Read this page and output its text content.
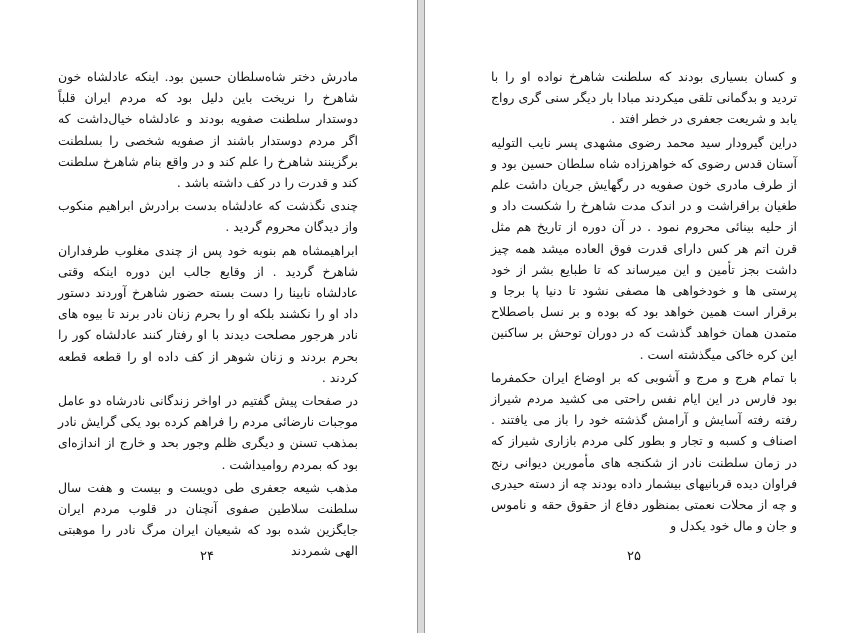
مادرش دختر شاه‌سلطان حسین بود. اینکه عادلشاه خون شاهرخ را نریخت باین دلیل بود که مردم ایران قلباً دوستدار سلطنت صفویه بودند و عادلشاه خیال‌داشت که اگر مردم دوستدار باشند از صفویه شخصی را بسلطنت برگزینند شاهرخ را علم کند و در واقع بنام شاهرخ سلطنت کند و قدرت را در کف داشته باشد .

چندی نگذشت که عادلشاه بدست برادرش ابراهیم منکوب واز دیدگان محروم گردید .

ابراهیمشاه هم بنوبه خود پس از چندی مغلوب طرفداران شاهرخ گردید . از وقایع جالب این دوره اینکه وقتی عادلشاه نابینا را دست بسته حضور شاهرخ آوردند دستور داد او را نکشند بلکه او را بحرم زنان نادر برند تا بیوه های نادر هرجور مصلحت دیدند با او رفتار کنند عادلشاه کور را بحرم بردند و زنان شوهر از کف داده او را قطعه قطعه کردند .

در صفحات پیش گفتیم در اواخر زندگانی نادرشاه دو عامل موجبات نارضائی مردم را فراهم کرده بود یکی گرایش نادر بمذهب تسنن و دیگری ظلم وجور بحد و خارج از اندازه‌ای بود که بمردم روامیداشت .

مذهب شیعه جعفری طی دویست و بیست و هفت سال سلطنت سلاطین صفوی آنچنان در قلوب مردم ایران جایگزین شده بود که شیعیان ایران مرگ نادر را موهبتی الهی شمردند

۲۴

و کسان بسیاری بودند که سلطنت شاهرخ نواده او را با تردید و بدگمانی تلقی میکردند مبادا بار دیگر سنی گری رواج یابد و شریعت جعفری در خطر افتد .

دراین گیرودار سید محمد رضوی مشهدی پسر نایب التولیه آستان قدس رضوی که خواهرزاده شاه سلطان حسین بود و از طرف مادری خون صفویه در رگهایش جریان داشت علم طغیان برافراشت و در اندک مدت شاهرخ را شکست داد و از حلیه بینائی محروم نمود . در آن دوره از تاریخ هم مثل قرن اتم هر کس دارای قدرت فوق العاده میشد همه چیز داشت بجز تأمین و این میرساند که تا طبایع بشر از خود پرستی ها و خودخواهی ها مصفی نشود تا دنیا پا برجا و برقرار است همین خواهد بود که بوده و بر نسل باصطلاح متمدن همان خواهد گذشت که در دوران توحش بر ساکنین این کره خاکی میگذشته است .

با تمام هرج و مرج و آشوبی که بر اوضاع ایران حکمفرما بود فارس در این ایام نفس راحتی می کشید مردم شیراز رفته رفته آسایش و آرامش گذشته خود را باز می یافتند . اصناف و کسبه و تجار و بطور کلی مردم بازاری شیراز که در زمان سلطنت نادر از شکنجه های مأمورین دیوانی رنج فراوان دیده قربانیهای بیشمار داده بودند چه از دسته حیدری و چه از محلات نعمتی بمنظور دفاع از حقوق حقه و ناموس و جان و مال خود یکدل و

۲۵
